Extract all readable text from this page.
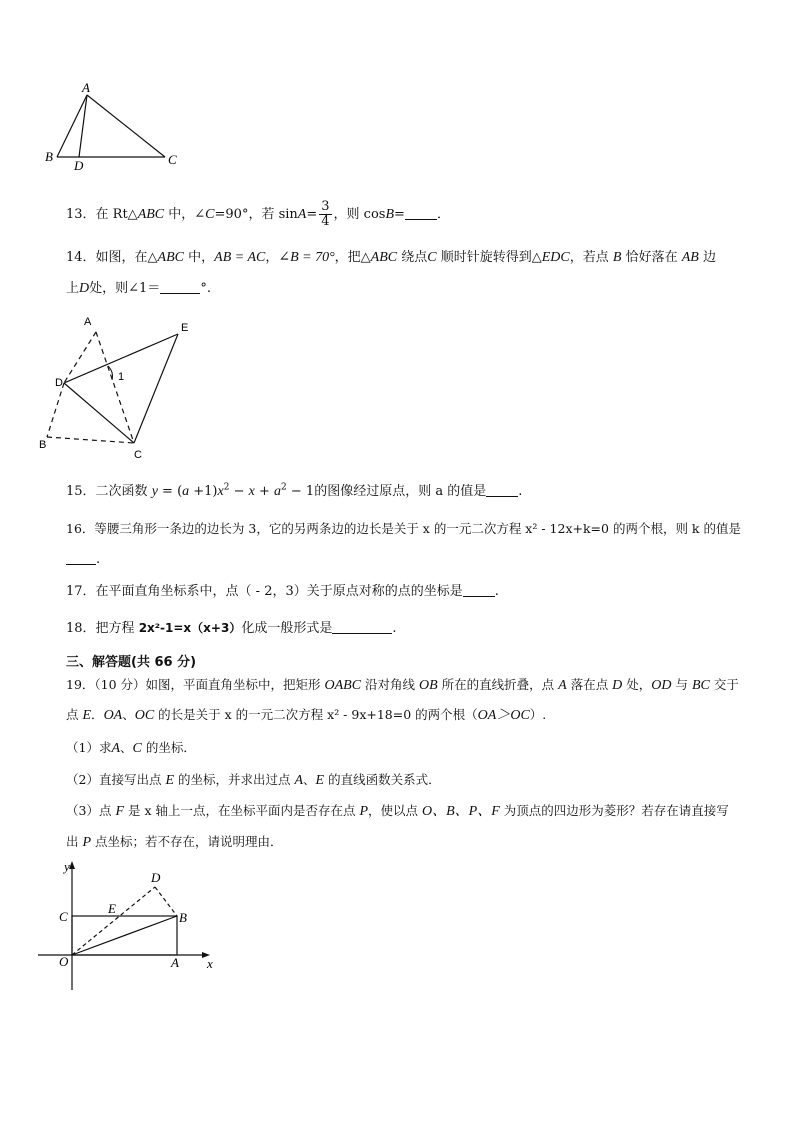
A
B
D	C
13．在 Rt△ABC 中，∠C=90°，若 $\sin A= \frac{3}{4}$ ，则 cosB= ．
14．如图，在△ABC 中，AB = AC，∠B = 70°，把△ABC 绕点C 顺时针旋转得到△EDC，若点 B 恰好落在 AB 边
上D处，则∠1＝	°.
A	E
D
B
C
1
15．二次函数 $y = (a +1)x^2 - x + a^2 - 1$的图像经过原点，则 a 的值是 .
16．等腰三角形一条边的边长为 3，它的另两条边的边长是关于 x 的一元二次方程 x² - 12x+k=0 的两个根，则 k 的值是
.
17．在平面直角坐标系中，点（ - 2，3）关于原点对称的点的坐标是 .
18．把方程 2x²-1=x（x+3）化成一般形式是	.
三、解答题(共 66 分)
19．（10 分）如图，平面直角坐标中，把矩形 OABC 沿对角线 OB 所在的直线折叠，点 A 落在点 D 处，OD 与 BC 交于
点 E．OA、OC 的长是关于 x 的一元二次方程 x² - 9x+18=0 的两个根（OA＞OC）.
（1）求A、C 的坐标．
（2）直接写出点 E 的坐标，并求出过点 A、E 的直线函数关系式．
（3）点 F 是 x 轴上一点，在坐标平面内是否存在点 P，使以点 O、B、P、F 为顶点的四边形为菱形？若存在请直接写
出 P 点坐标；若不存在，请说明理由．
y
x
O	A
B
C
D
E
